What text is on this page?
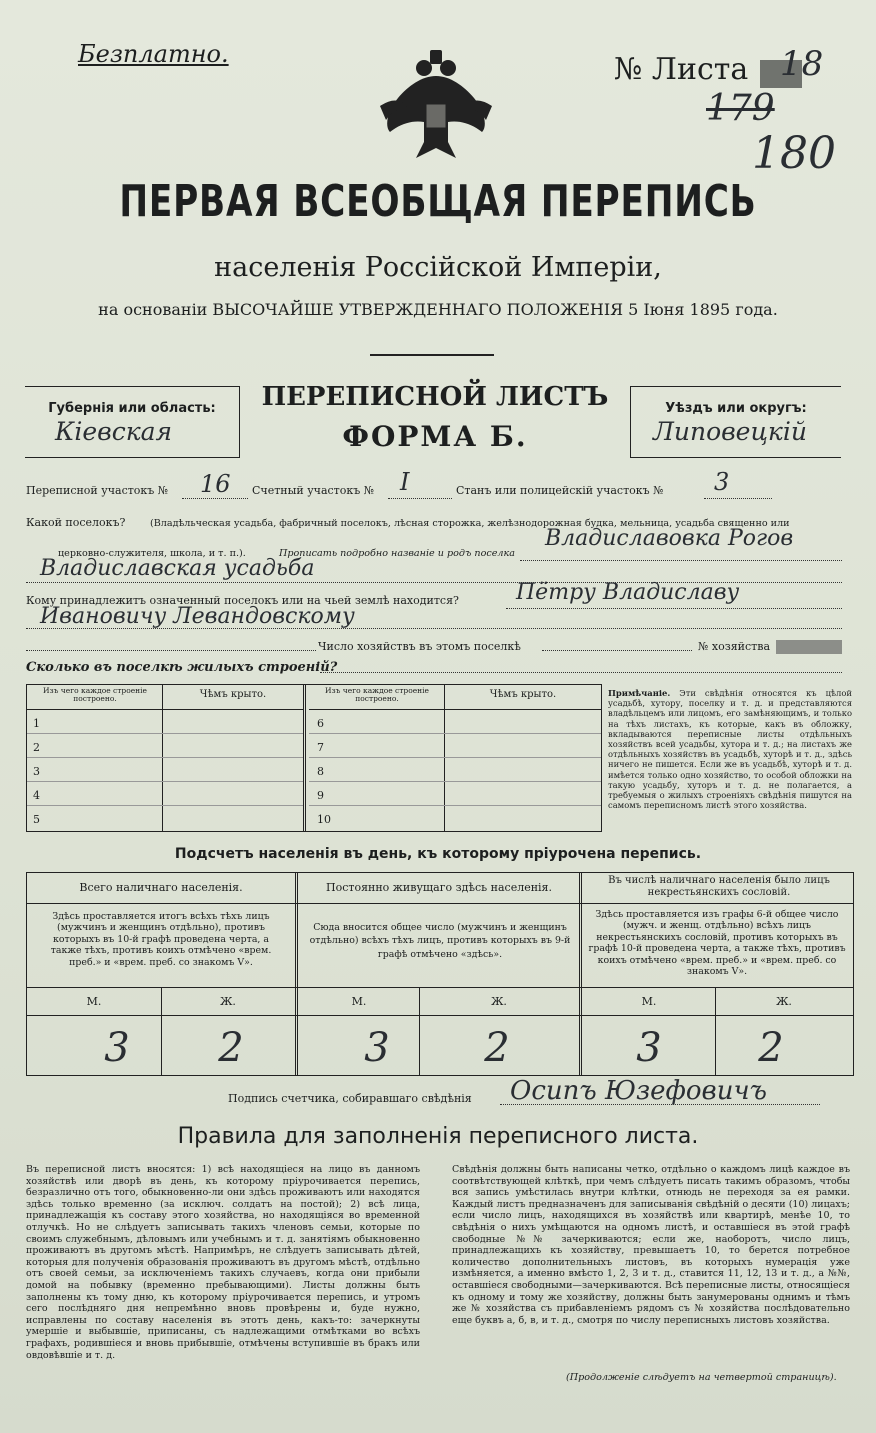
Безплатно.	№ Листа 18
179
180
ПЕРВАЯ ВСЕОБЩАЯ ПЕРЕПИСЬ
населенія Россійской Имперіи,
на основаніи ВЫСОЧАЙШЕ УТВЕРЖДЕННАГО ПОЛОЖЕНІЯ 5 Іюня 1895 года.
Губернія или область:
Кіевская
ПЕРЕПИСНОЙ ЛИСТЪ
ФОРМА Б.
Уѣздъ или округъ:
Липовецкій
Переписной участокъ № 16 Счетный участокъ № I	Станъ или полицейскій участокъ № 3
Какой поселокъ?	(Владѣльческая усадьба, фабричный поселокъ, лѣсная сторожка, желѣзнодорожная будка, мельница, усадьба священно или
церковно-служителя, школа, и т. п.).	Прописать подробно названіе и родъ поселка
Владиславовка Рогов
Владиславская усадьба
Кому принадлежитъ означенный поселокъ или на чьей землѣ находится?	Пётру Владиславу
Ивановичу Левандовскому
Число хозяйствъ въ этомъ поселкѣ	№ хозяйства
Сколько въ поселкѣ жилыхъ строеній?
Изъ чего каждое строеніе построено.	Чѣмъ крыто.
1
2
3
4
5
Изъ чего каждое строеніе построено.	Чѣмъ крыто.
6
7
8
9
10
Примѣчаніе. Эти свѣдѣнія относятся къ цѣлой усадьбѣ, хутору, поселку и т. д. и представляются владѣльцемъ или лицомъ, его замѣняющимъ, и только на тѣхъ листахъ, къ которые, какъ въ обложку, вкладываются переписные листы отдѣльныхъ хозяйствъ всей усадьбы, хутора и т. д.; на листахъ же отдѣльныхъ хозяйствъ въ усадьбѣ, хуторѣ и т. д., здѣсь ничего не пишется. Если же въ усадьбѣ, хуторѣ и т. д. имѣется только одно хозяйство, то особой обложки на такую усадьбу, хуторъ и т. д. не полагается, а требуемыя о жилыхъ строеніяхъ свѣдѣнія пишутся на самомъ переписномъ листѣ этого хозяйства.
Подсчетъ населенія въ день, къ которому пріурочена перепись.
Всего наличнаго населенія.	Постоянно живущаго здѣсь населенія.
Въ числѣ наличнаго населенія было лицъ некрестьянскихъ сословій.
Здѣсь проставляется итогъ всѣхъ тѣхъ лицъ (мужчинъ и женщинъ отдѣльно), противъ которыхъ въ 10-й графѣ проведена черта, а также тѣхъ, противъ коихъ отмѣчено «врем. преб.» и «врем. преб. со знакомъ V».
Сюда вносится общее число (мужчинъ и женщинъ отдѣльно) всѣхъ тѣхъ лицъ, противъ которыхъ въ 9-й графѣ отмѣчено «здѣсь».
Здѣсь проставляется изъ графы 6-й общее число (мужч. и женщ. отдѣльно) всѣхъ лицъ некрестьянскихъ сословій, противъ которыхъ въ графѣ 10-й проведена черта, а также тѣхъ, противъ коихъ отмѣчено «врем. преб.» и «врем. преб. со знакомъ V».
М.	Ж.	М.	Ж.	М.	Ж.
3	2	3	2	3	2
Подпись счетчика, собиравшаго свѣдѣнія Осипъ Юзефовичъ
Правила для заполненія переписного листа.
Въ переписной листъ вносятся: 1) всѣ находящіеся на лицо въ данномъ хозяйствѣ или дворѣ въ день, къ которому пріурочивается перепись, безразлично отъ того, обыкновенно-ли они здѣсь проживаютъ или находятся здѣсь только временно (за исключ. солдатъ на постой); 2) всѣ лица, принадлежащія къ составу этого хозяйства, но находящіяся во временной отлучкѣ. Но не слѣдуетъ записывать такихъ членовъ семьи, которые по своимъ служебнымъ, дѣловымъ или учебнымъ и т. д. занятіямъ обыкновенно проживаютъ въ другомъ мѣстѣ. Напримѣръ, не слѣдуетъ записывать дѣтей, которыя для полученія образованія проживаютъ въ другомъ мѣстѣ, отдѣльно отъ своей семьи, за исключеніемъ такихъ случаевъ, когда они прибыли домой на побывку (временно пребывающими). Листы должны быть заполнены къ тому дню, къ которому пріурочивается перепись, и утромъ сего послѣдняго дня непремѣнно вновь провѣрены и, буде нужно, исправлены по составу населенія въ этотъ день, какъ-то: зачеркнуты умершіе и выбывшіе, приписаны, съ надлежащими отмѣтками во всѣхъ графахъ, родившіеся и вновь прибывшіе, отмѣчены вступившіе въ бракъ или овдовѣвшіе и т. д.
Свѣдѣнія должны быть написаны четко, отдѣльно о каждомъ лицѣ каждое въ соотвѣтствующей клѣткѣ, при чемъ слѣдуетъ писать такимъ образомъ, чтобы вся запись умѣстилась внутри клѣтки, отнюдь не переходя за ея рамки. Каждый листъ предназначенъ для записыванія свѣдѣній о десяти (10) лицахъ; если число лицъ, находящихся въ хозяйствѣ или квартирѣ, менѣе 10, то свѣдѣнія о нихъ умѣщаются на одномъ листѣ, и оставшіеся въ этой графѣ свободные №№ зачеркиваются; если же, наоборотъ, число лицъ, принадлежащихъ къ хозяйству, превышаетъ 10, то берется потребное количество дополнительныхъ листовъ, въ которыхъ нумерація уже измѣняется, а именно вмѣсто 1, 2, 3 и т. д., ставится 11, 12, 13 и т. д., а №№, оставшіеся свободными—зачеркиваются. Всѣ переписные листы, относящіеся къ одному и тому же хозяйству, должны быть занумерованы однимъ и тѣмъ же № хозяйства съ прибавленіемъ рядомъ съ № хозяйства послѣдовательно еще буквъ а, б, в, и т. д., смотря по числу переписныхъ листовъ хозяйства.
(Продолженіе слѣдуетъ на четвертой страницѣ).
